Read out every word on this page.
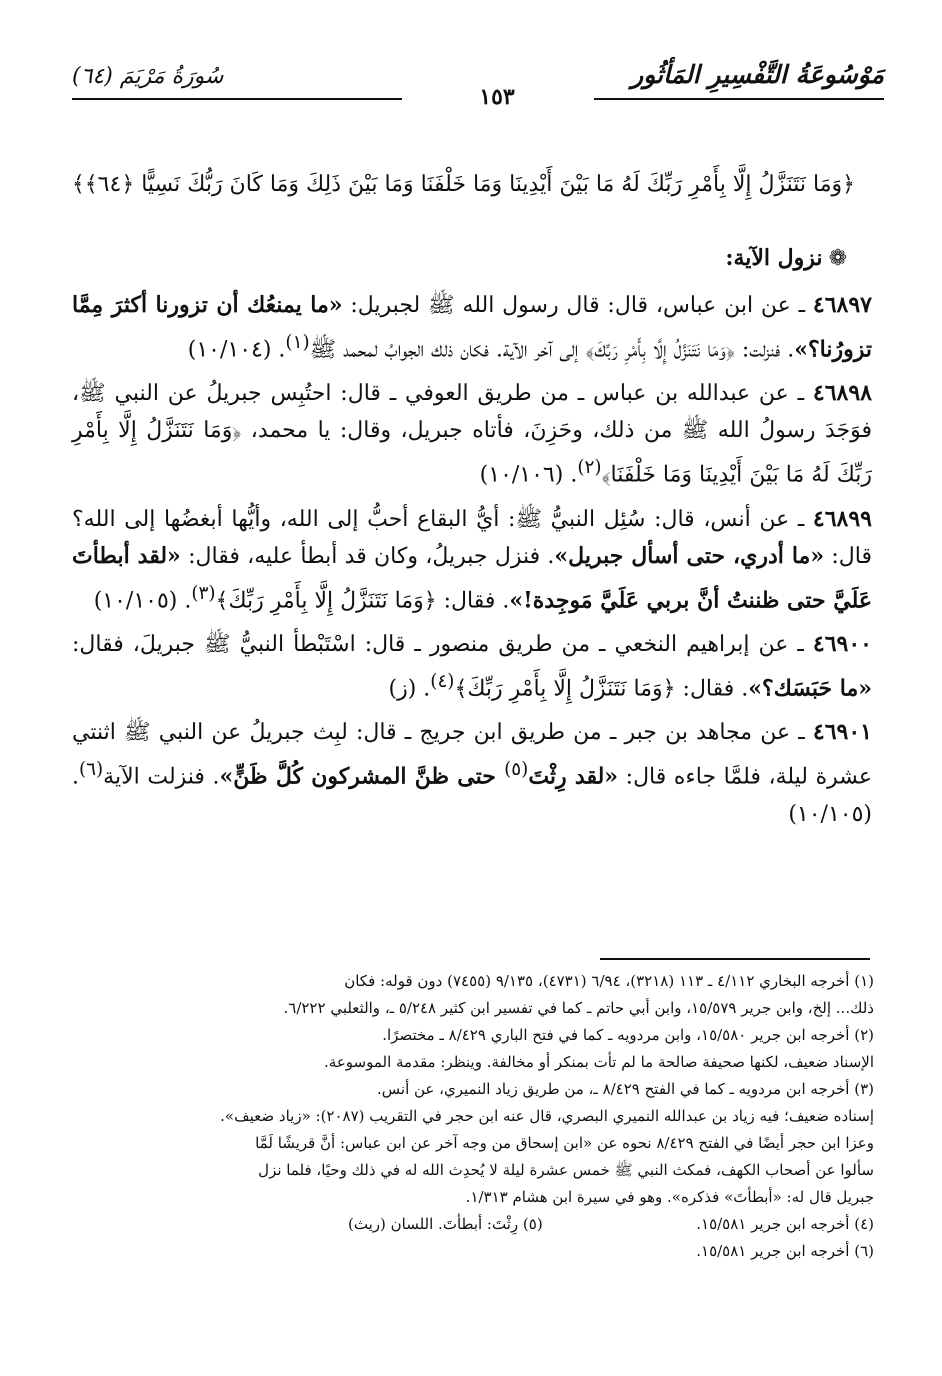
مَوْسُوعَةُ التَّفْسِيرِ المَأثُور
١٥٣
سُورَةُ مَرْيَمَ (٦٤)
﴿وَمَا نَتَنَزَّلُ إِلَّا بِأَمْرِ رَبِّكَ لَهُ مَا بَيْنَ أَيْدِينَا وَمَا خَلْفَنَا وَمَا بَيْنَ ذَلِكَ وَمَا كَانَ رَبُّكَ نَسِيًّا ﴿٦٤﴾﴾
❁نزول الآية:
٤٦٨٩٧ ـ عن ابن عباس، قال: قال رسول الله ﷺ لجبريل: «ما يمنعُك أن تزورنا أكثرَ مِمَّا تزورُنا؟». فنزلت: ﴿وَمَا نَتَنَزَّلُ إِلَّا بِأَمْرِ رَبِّكَ﴾ إلى آخر الآية. فكان ذلك الجوابُ لمحمد ﷺ$^{(١)}$. (١٠/١٠٤)
٤٦٨٩٨ ـ عن عبدالله بن عباس ـ من طريق العوفي ـ قال: احتُبِس جبريلُ عن النبي ﷺ، فوَجَدَ رسولُ الله ﷺ من ذلك، وحَزِنَ، فأتاه جبريل، وقال: يا محمد، ﴿وَمَا نَتَنَزَّلُ إِلَّا بِأَمْرِ رَبِّكَ لَهُ مَا بَيْنَ أَيْدِينَا وَمَا خَلْفَنَا﴾$^{(٢)}$. (١٠/١٠٦)
٤٦٨٩٩ ـ عن أنس، قال: سُئِل النبيُّ ﷺ: أيُّ البقاع أحبُّ إلى الله، وأيُّها أبغضُها إلى الله؟ قال: «ما أدري، حتى أسأل جبريل». فنزل جبريلُ، وكان قد أبطأ عليه، فقال: «لقد أبطأتَ عَلَيَّ حتى ظننتُ أنَّ بربي عَلَيَّ مَوجِدة!». فقال: ﴿وَمَا نَتَنَزَّلُ إِلَّا بِأَمْرِ رَبِّكَ﴾$^{(٣)}$. (١٠/١٠٥)
٤٦٩٠٠ ـ عن إبراهيم النخعي ـ من طريق منصور ـ قال: اسْتَبْطأ النبيُّ ﷺ جبريلَ، فقال: «ما حَبَسَك؟». فقال: ﴿وَمَا نَتَنَزَّلُ إِلَّا بِأَمْرِ رَبِّكَ﴾$^{(٤)}$. (ز)
٤٦٩٠١ ـ عن مجاهد بن جبر ـ من طريق ابن جريج ـ قال: لبِث جبريلُ عن النبي ﷺ اثنتي عشرة ليلة، فلمَّا جاءه قال: «لقد رِثْتَ$^{(٥)}$ حتى ظنَّ المشركون كُلَّ ظَنٍّ». فنزلت الآية$^{(٦)}$. (١٠/١٠٥)

(١) أخرجه البخاري ٤/١١٢ ـ ١١٣ (٣٢١٨)، ٦/٩٤ (٤٧٣١)، ٩/١٣٥ (٧٤٥٥) دون قوله: فكان

ذلك... إلخ، وابن جرير ١٥/٥٧٩، وابن أبي حاتم ـ كما في تفسير ابن كثير ٥/٢٤٨ ـ، والثعلبي ٦/٢٢٢.

(٢) أخرجه ابن جرير ١٥/٥٨٠، وابن مردويه ـ كما في فتح الباري ٨/٤٢٩ ـ مختصرًا.

الإسناد ضعيف، لكنها صحيفة صالحة ما لم تأت بمنكر أو مخالفة. وينظر: مقدمة الموسوعة.

(٣) أخرجه ابن مردويه ـ كما في الفتح ٨/٤٢٩ ـ، من طريق زياد النميري، عن أنس.

إسناده ضعيف؛ فيه زياد بن عبدالله النميري البصري، قال عنه ابن حجر في التقريب (٢٠٨٧): «زياد ضعيف».

وعزا ابن حجر أيضًا في الفتح ٨/٤٢٩ نحوه عن «ابن إسحاق من وجه آخر عن ابن عباس: أنَّ قريشًا لَمَّا

سألوا عن أصحاب الكهف، فمكث النبي ﷺ خمس عشرة ليلة لا يُحدِث الله له في ذلك وحيًا، فلما نزل

جبريل قال له: «أبطأتَ» فذكره». وهو في سيرة ابن هشام ١/٣١٣.

(٤) أخرجه ابن جرير ١٥/٥٨١.
(٥) رِثْتَ: أبطأتَ. اللسان (ريث)

(٦) أخرجه ابن جرير ١٥/٥٨١.
